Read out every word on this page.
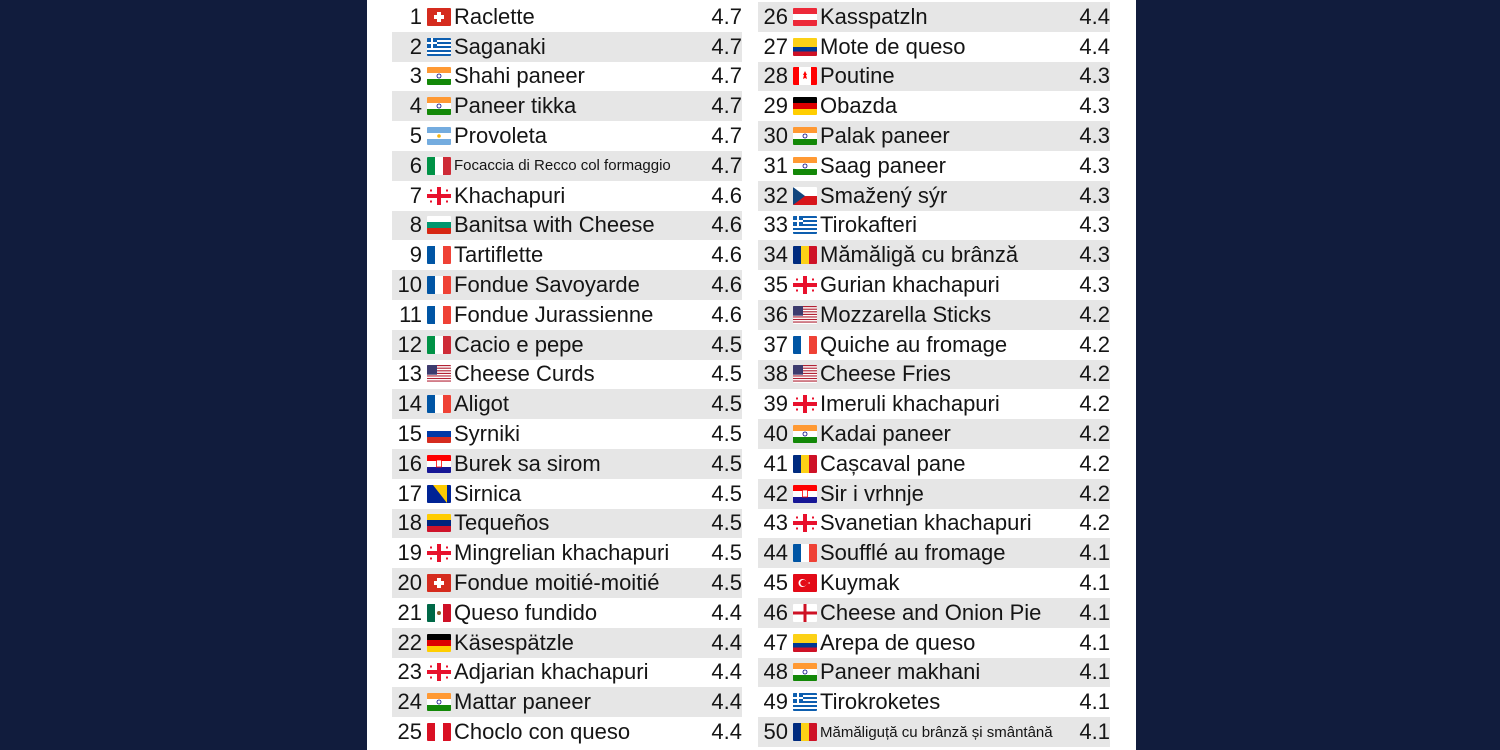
1 Raclette	4.7
2 Saganaki	4.7
3 Shahi paneer	4.7
4 Paneer tikka	4.7
5 Provoleta	4.7
6 Focaccia di Recco col formaggio	4.7
7 Khachapuri	4.6
8 Banitsa with Cheese	4.6
9 Tartiflette	4.6
10 Fondue Savoyarde	4.6
11 Fondue Jurassienne	4.6
12 Cacio e pepe	4.5
13 Cheese Curds	4.5
14 Aligot	4.5
15 Syrniki	4.5
16 Burek sa sirom	4.5
17 Sirnica	4.5
18 Tequeños	4.5
19 Mingrelian khachapuri	4.5
20 Fondue moitié-moitié	4.5
21 Queso fundido	4.4
22 Käsespätzle	4.4
23 Adjarian khachapuri	4.4
24 Mattar paneer	4.4
25 Choclo con queso	4.4
26 Kasspatzln	4.4
27 Mote de queso	4.4
28 Poutine	4.3
29 Obazda	4.3
30 Palak paneer	4.3
31 Saag paneer	4.3
32 Smažený sýr	4.3
33 Tirokafteri	4.3
34 Mămăligă cu brânză	4.3
35 Gurian khachapuri	4.3
36 Mozzarella Sticks	4.2
37 Quiche au fromage	4.2
38 Cheese Fries	4.2
39 Imeruli khachapuri	4.2
40 Kadai paneer	4.2
41 Cașcaval pane	4.2
42 Sir i vrhnje	4.2
43 Svanetian khachapuri	4.2
44 Soufflé au fromage	4.1
45 Kuymak	4.1
46 Cheese and Onion Pie	4.1
47 Arepa de queso	4.1
48 Paneer makhani	4.1
49 Tirokroketes	4.1
50 Mămăliguță cu brânză și smântână	4.1
